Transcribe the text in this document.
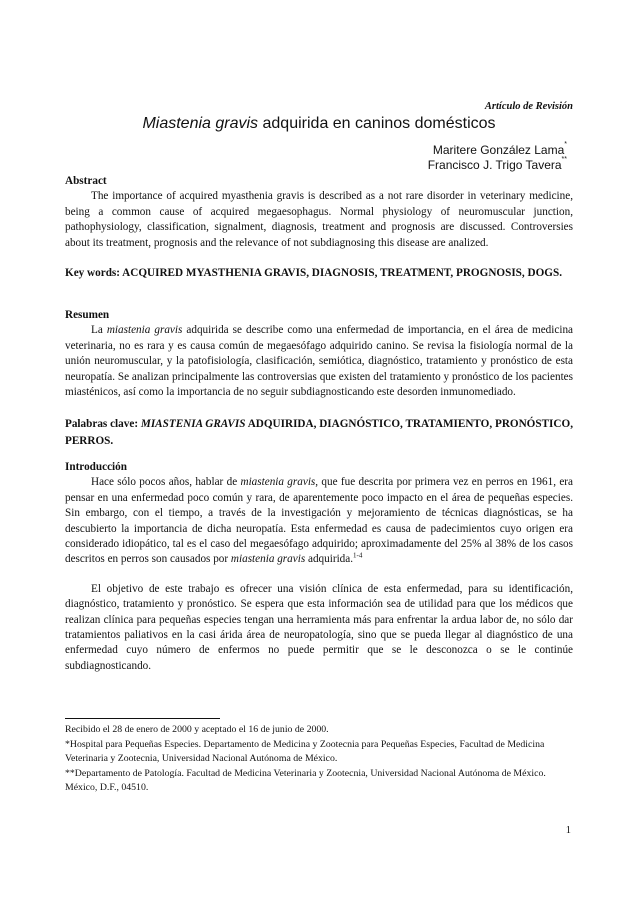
Artículo de Revisión
Miastenia gravis adquirida en caninos domésticos
Maritere González Lama*
Francisco J. Trigo Tavera**
Abstract
The importance of acquired myasthenia gravis is described as a not rare disorder in veterinary medicine, being a common cause of acquired megaesophagus. Normal physiology of neuromuscular junction, pathophysiology, classification, signalment, diagnosis, treatment and prognosis are discussed. Controversies about its treatment, prognosis and the relevance of not subdiagnosing this disease are analized.
Key words: ACQUIRED MYASTHENIA GRAVIS, DIAGNOSIS, TREATMENT, PROGNOSIS, DOGS.
Resumen
La miastenia gravis adquirida se describe como una enfermedad de importancia, en el área de medicina veterinaria, no es rara y es causa común de megaesófago adquirido canino. Se revisa la fisiología normal de la unión neuromuscular, y la patofisiología, clasificación, semiótica, diagnóstico, tratamiento y pronóstico de esta neuropatía. Se analizan principalmente las controversias que existen del tratamiento y pronóstico de los pacientes miasténicos, así como la importancia de no seguir subdiagnosticando este desorden inmunomediado.
Palabras clave: MIASTENIA GRAVIS ADQUIRIDA, DIAGNÓSTICO, TRATAMIENTO, PRONÓSTICO, PERROS.
Introducción
Hace sólo pocos años, hablar de miastenia gravis, que fue descrita por primera vez en perros en 1961, era pensar en una enfermedad poco común y rara, de aparentemente poco impacto en el área de pequeñas especies. Sin embargo, con el tiempo, a través de la investigación y mejoramiento de técnicas diagnósticas, se ha descubierto la importancia de dicha neuropatía. Esta enfermedad es causa de padecimientos cuyo origen era considerado idiopático, tal es el caso del megaesófago adquirido; aproximadamente del 25% al 38% de los casos descritos en perros son causados por miastenia gravis adquirida.$^{1-4}$
El objetivo de este trabajo es ofrecer una visión clínica de esta enfermedad, para su identificación, diagnóstico, tratamiento y pronóstico. Se espera que esta información sea de utilidad para que los médicos que realizan clínica para pequeñas especies tengan una herramienta más para enfrentar la ardua labor de, no sólo dar tratamientos paliativos en la casi árida área de neuropatología, sino que se pueda llegar al diagnóstico de una enfermedad cuyo número de enfermos no puede permitir que se le desconozca o se le continúe subdiagnosticando.
Recibido el 28 de enero de 2000 y aceptado el 16 de junio de 2000.
*Hospital para Pequeñas Especies. Departamento de Medicina y Zootecnia para Pequeñas Especies, Facultad de Medicina Veterinaria y Zootecnia, Universidad Nacional Autónoma de México.
**Departamento de Patología. Facultad de Medicina Veterinaria y Zootecnia, Universidad Nacional Autónoma de México. México, D.F., 04510.
1
